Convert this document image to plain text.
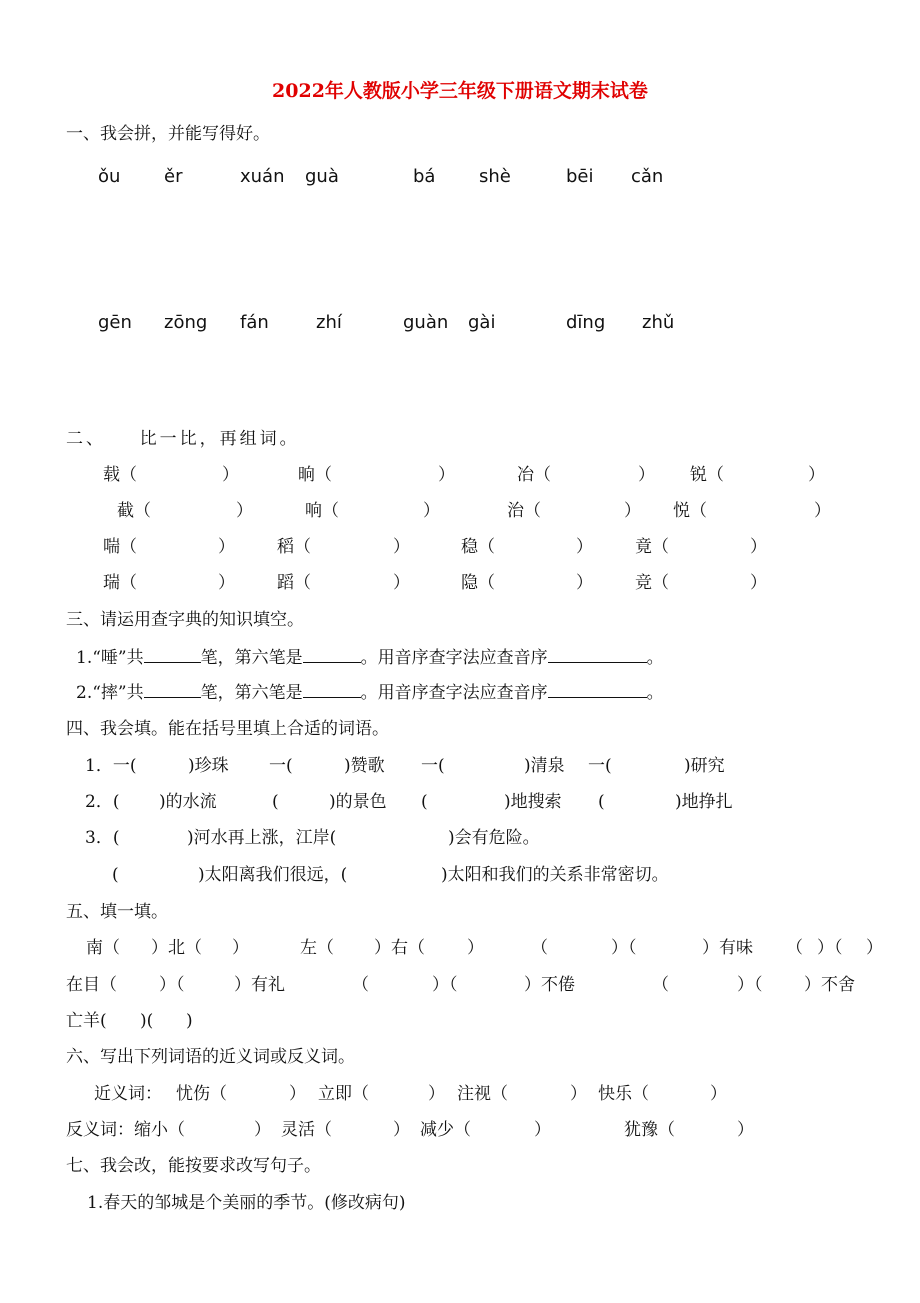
2022年人教版小学三年级下册语文期末试卷
一、我会拼，并能写得好。
ǒu ěr	xuán guà	bá shè	bēi cǎn
gēn zōng fán	zhí	guàn gài	dīng zhǔ
二、    比一比，再组词。
载（	）	晌（	）	冶（	） 锐（	）
截（	）	响（	）	治（	） 悦（	）
喘（	） 稻（	）	稳（	） 竟（	）
瑞（	） 蹈（	）	隐（	） 竞（	）
三、请运用查字典的知识填空。
1.“唾”共	笔，第六笔是	。用音序查字法应查音序	。
2.“摔”共	笔，第六笔是	。用音序查字法应查音序	。
四、我会填。能在括号里填上合适的词语。
1．一(	)珍珠 一(	)赞歌 一(	)清泉 一(	)研究
2．( )的水流	(	)的景色 (	)地搜索 (	)地挣扎
3．(	)河水再上涨，江岸(	)会有危险。
(	)太阳离我们很远，(	)太阳和我们的关系非常密切。
五、填一填。
南（ ）北（ ）	左（ ）右（ ）	（	）（	）有味 （ ）（ ）
在目（ ）（	）有礼	（	）（	）不倦	（	）（ ）不舍
亡羊( )( )
六、写出下列词语的近义词或反义词。
近义词： 忧伤（	） 立即（	） 注视（	） 快乐（	）
反义词：缩小（	） 灵活（	） 减少（	）	犹豫（	）
七、我会改，能按要求改写句子。
1.春天的邹城是个美丽的季节。(修改病句)
